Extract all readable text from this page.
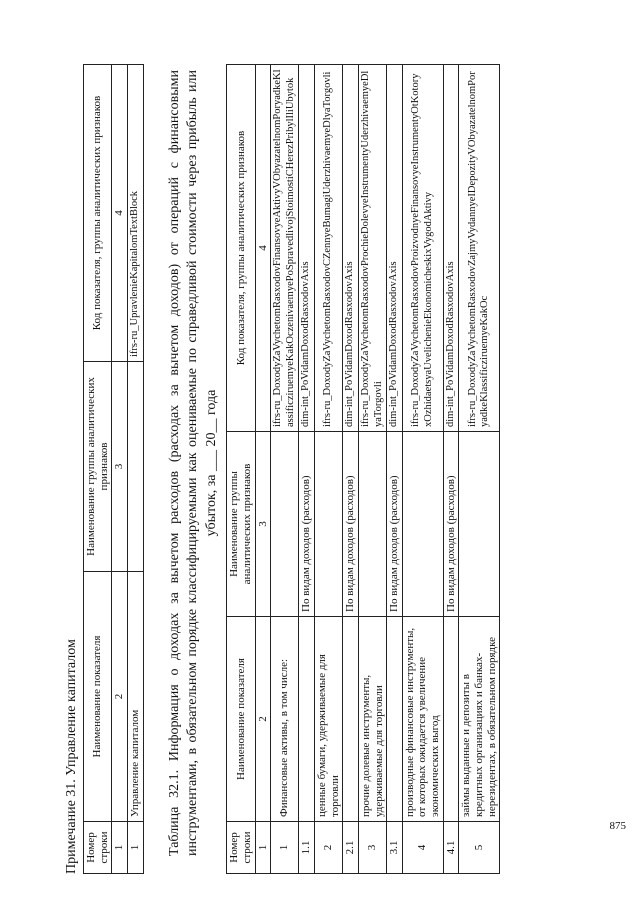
875
Примечание 31. Управление капиталом Номер строки	Наименование показателя	Наименование группы аналитических признаков	Код показателя, группы аналитических признаков
1	2	3	4
1	Управление капиталом		ifrs-ru_UpravlenieKapitalomTextBlock Таблица 32.1. Информация о доходах за вычетом расходов (расходах за вычетом доходов) от операций с финансовыми инструментами, в обязательном порядке классифицируемыми как оцениваемые по справедливой стоимости через прибыль или убыток, за ___ 20__ года
Номер строки	Наименование показателя	Наименование группы аналитических признаков	Код показателя, группы аналитических признаков
1	2	3	4
1	Финансовые активы, в том числе:		ifrs-ru_DoxodyZaVychetomRasxodovFinansovyeAktivyVObyazatelnomPoryadkeKlassificziruemyeKakOczenivaemyePoSpravedlivojStoimostiCHerezPribylIliUbytok
1.1		По видам доходов (расходов)	dim-int_PoVidamDoxodRasxodovAxis
2	ценные бумаги, удерживаемые для торговли		ifrs-ru_DoxodyZaVychetomRasxodovCZennyeBumagiUderzhivaemyeDlyaTorgovli
2.1		По видам доходов (расходов)	dim-int_PoVidamDoxodRasxodovAxis
3	прочие долевые инструменты, удерживаемые для торговли		ifrs-ru_DoxodyZaVychetomRasxodovProchieDolevyeInstrumentyUderzhivaemyeDlyaTorgovli
3.1		По видам доходов (расходов)	dim-int_PoVidamDoxodRasxodovAxis
4	производные финансовые инструменты, от которых ожидается увеличение экономических выгод		ifrs-ru_DoxodyZaVychetomRasxodovProizvodnyeFinansovyeInstrumentyOtKotoryxOzhidaetsyaUvelichenieEkonomicheskixVygodAktivy
4.1		По видам доходов (расходов)	dim-int_PoVidamDoxodRasxodovAxis
5	займы выданные и депозиты в кредитных организациях и банках-нерезидентах, в обязательном порядке		ifrs-ru_DoxodyZaVychetomRasxodovZajmyVydannyeIDepozityVObyazatelnomPoryadkeKlassificziruemyeKakOc
